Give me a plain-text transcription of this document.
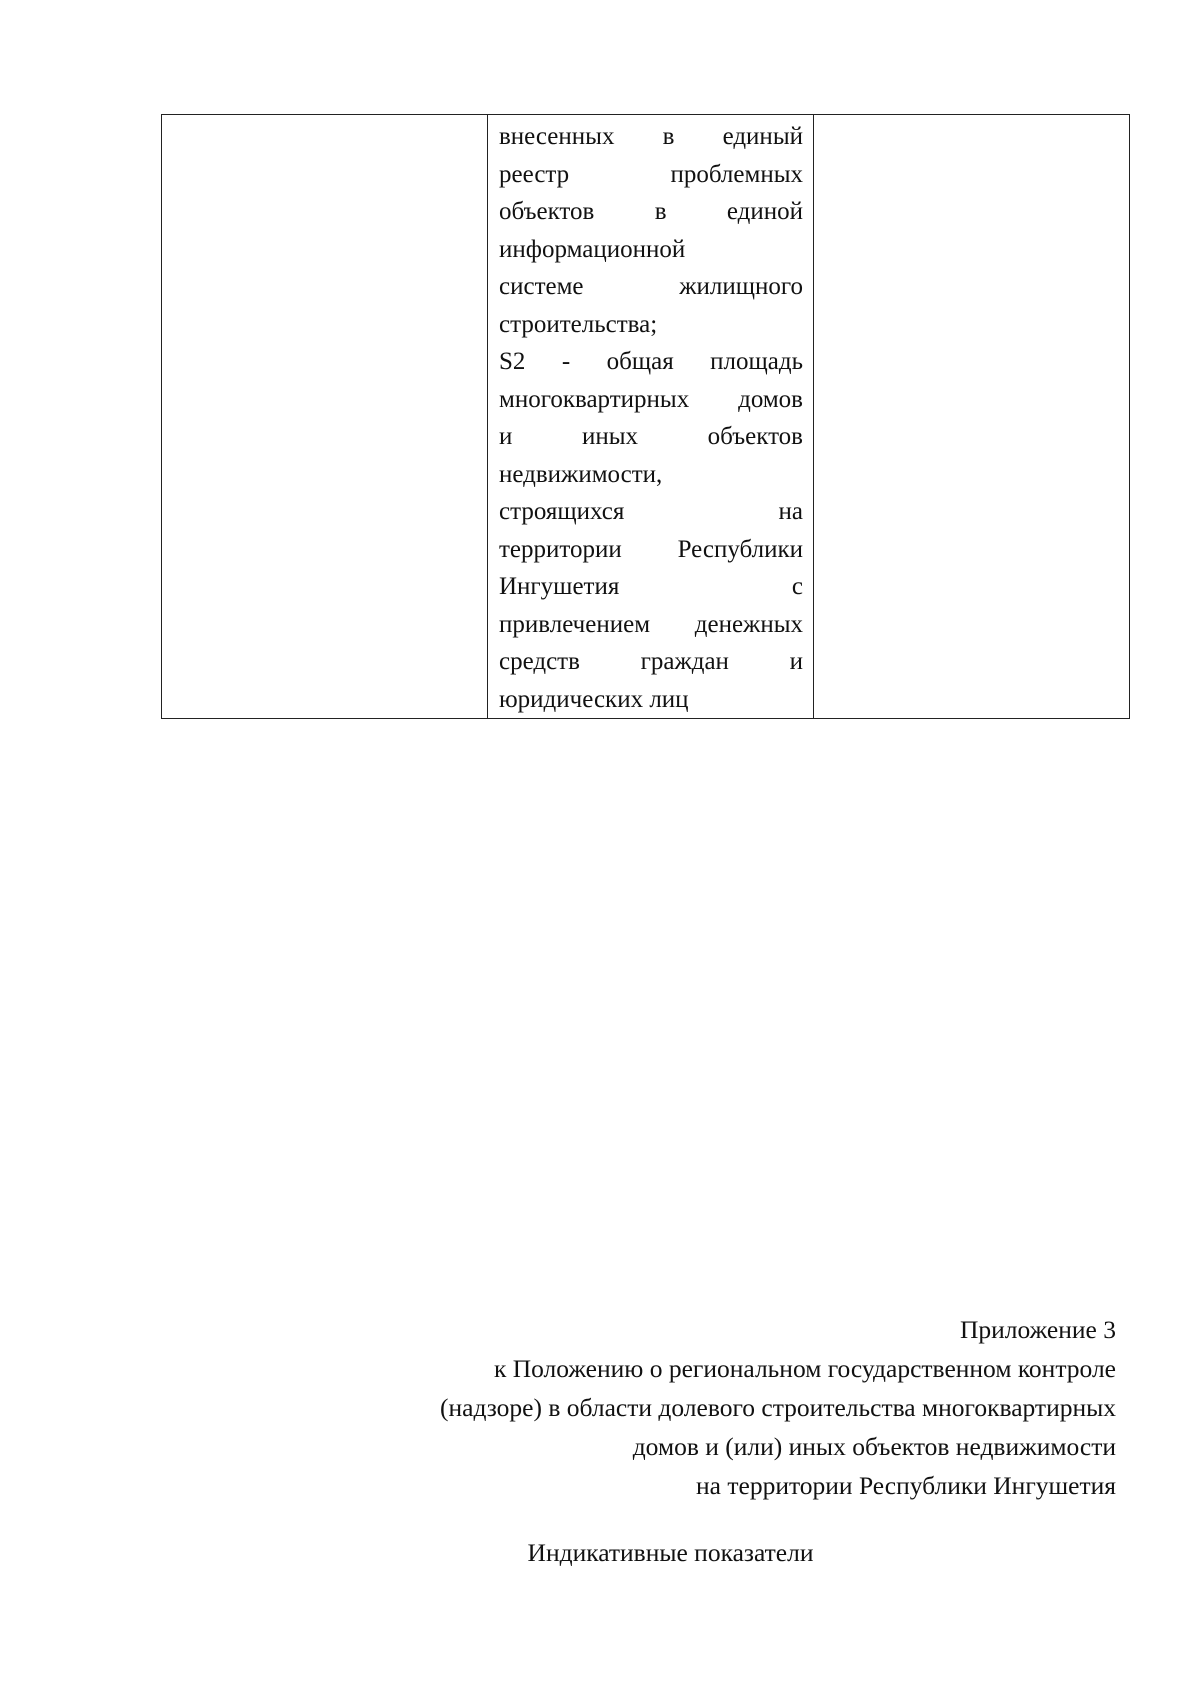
внесенных в единый
реестр проблемных
объектов в единой
информационной
системе жилищного
строительства;
S2 - общая площадь
многоквартирных домов
и иных объектов
недвижимости,
строящихся на
территории Республики
Ингушетия с
привлечением денежных
средств граждан и
юридических лиц

Приложение 3
к Положению о региональном государственном контроле
(надзоре) в области долевого строительства многоквартирных
домов и (или) иных объектов недвижимости
на территории Республики Ингушетия
Индикативные показатели
